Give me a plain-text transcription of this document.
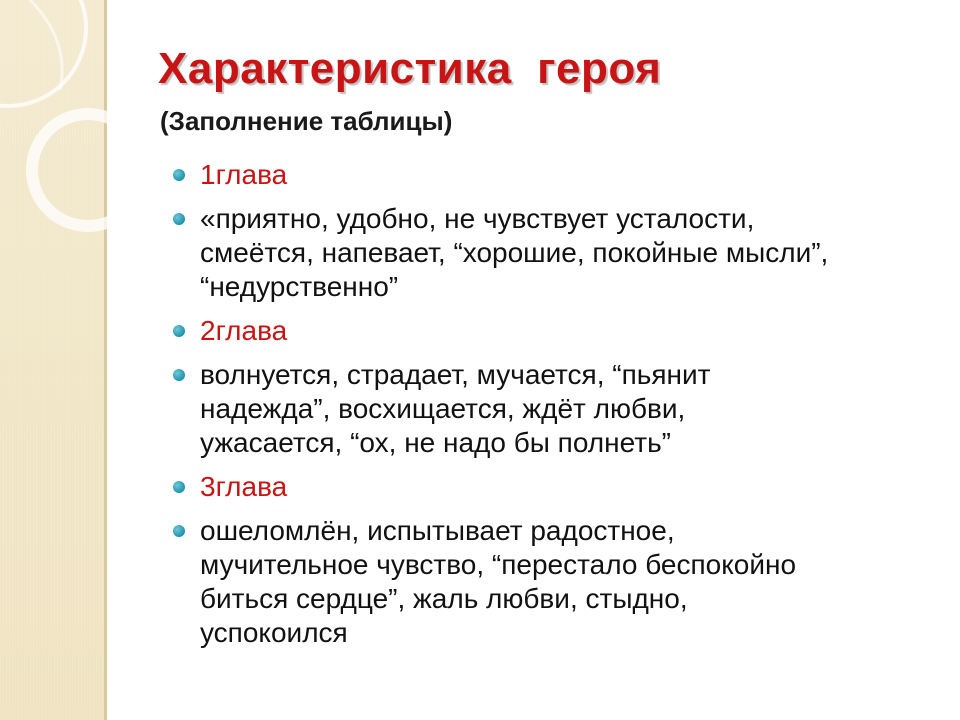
Характеристика  героя
(Заполнение таблицы)
1глава
«приятно, удобно, не чувствует усталости,
смеётся, напевает, “хорошие, покойные мысли”,
“недурственно”
2глава
волнуется, страдает, мучается, “пьянит
надежда”, восхищается, ждёт любви,
ужасается, “ох, не надо бы полнеть”
3глава
ошеломлён, испытывает радостное,
мучительное чувство, “перестало беспокойно
биться сердце”, жаль любви, стыдно,
успокоился
